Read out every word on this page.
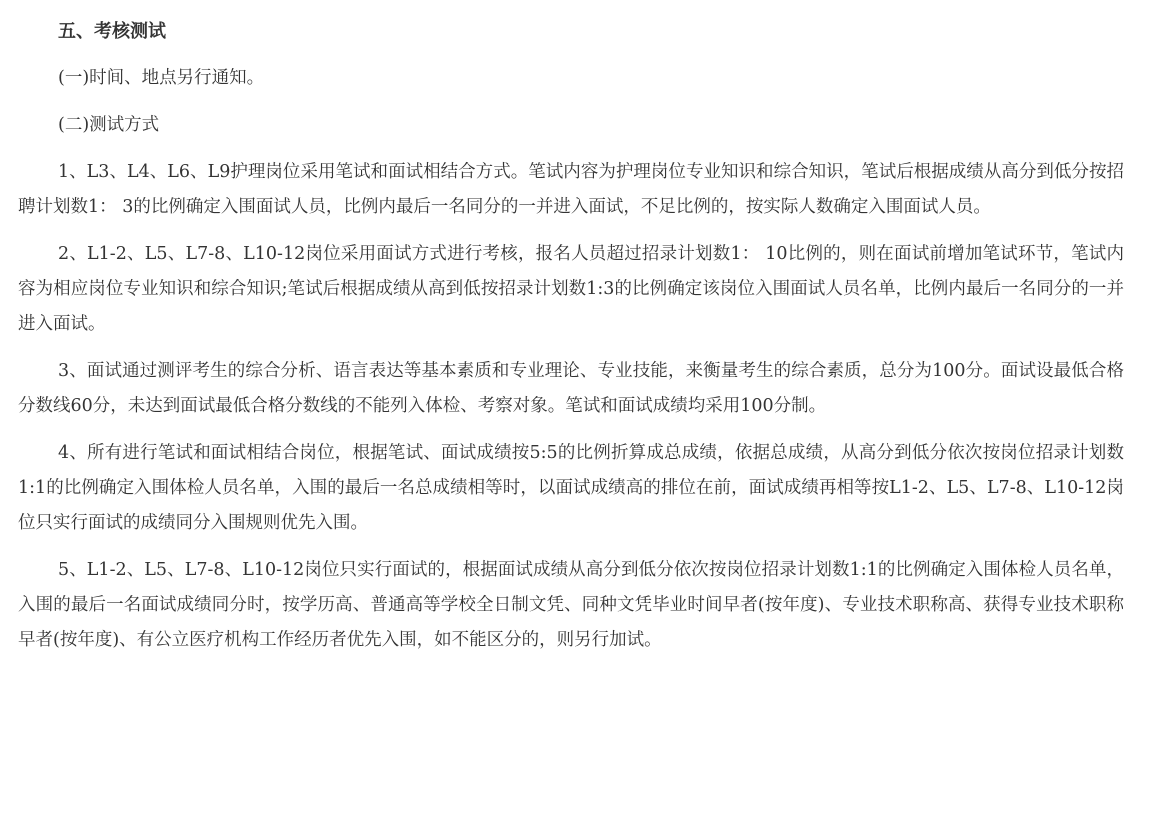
五、考核测试

(一)时间、地点另行通知。

(二)测试方式

1、L3、L4、L6、L9护理岗位采用笔试和面试相结合方式。笔试内容为护理岗位专业知识和综合知识，笔试后根据成绩从高分到低分按招聘计划数1： 3的比例确定入围面试人员，比例内最后一名同分的一并进入面试，不足比例的，按实际人数确定入围面试人员。

2、L1-2、L5、L7-8、L10-12岗位采用面试方式进行考核，报名人员超过招录计划数1： 10比例的，则在面试前增加笔试环节，笔试内容为相应岗位专业知识和综合知识;笔试后根据成绩从高到低按招录计划数1:3的比例确定该岗位入围面试人员名单，比例内最后一名同分的一并进入面试。

3、面试通过测评考生的综合分析、语言表达等基本素质和专业理论、专业技能，来衡量考生的综合素质，总分为100分。面试设最低合格分数线60分，未达到面试最低合格分数线的不能列入体检、考察对象。笔试和面试成绩均采用100分制。

4、所有进行笔试和面试相结合岗位，根据笔试、面试成绩按5:5的比例折算成总成绩，依据总成绩，从高分到低分依次按岗位招录计划数1:1的比例确定入围体检人员名单，入围的最后一名总成绩相等时，以面试成绩高的排位在前，面试成绩再相等按L1-2、L5、L7-8、L10-12岗位只实行面试的成绩同分入围规则优先入围。

5、L1-2、L5、L7-8、L10-12岗位只实行面试的，根据面试成绩从高分到低分依次按岗位招录计划数1:1的比例确定入围体检人员名单，入围的最后一名面试成绩同分时，按学历高、普通高等学校全日制文凭、同种文凭毕业时间早者(按年度)、专业技术职称高、获得专业技术职称早者(按年度)、有公立医疗机构工作经历者优先入围，如不能区分的，则另行加试。
